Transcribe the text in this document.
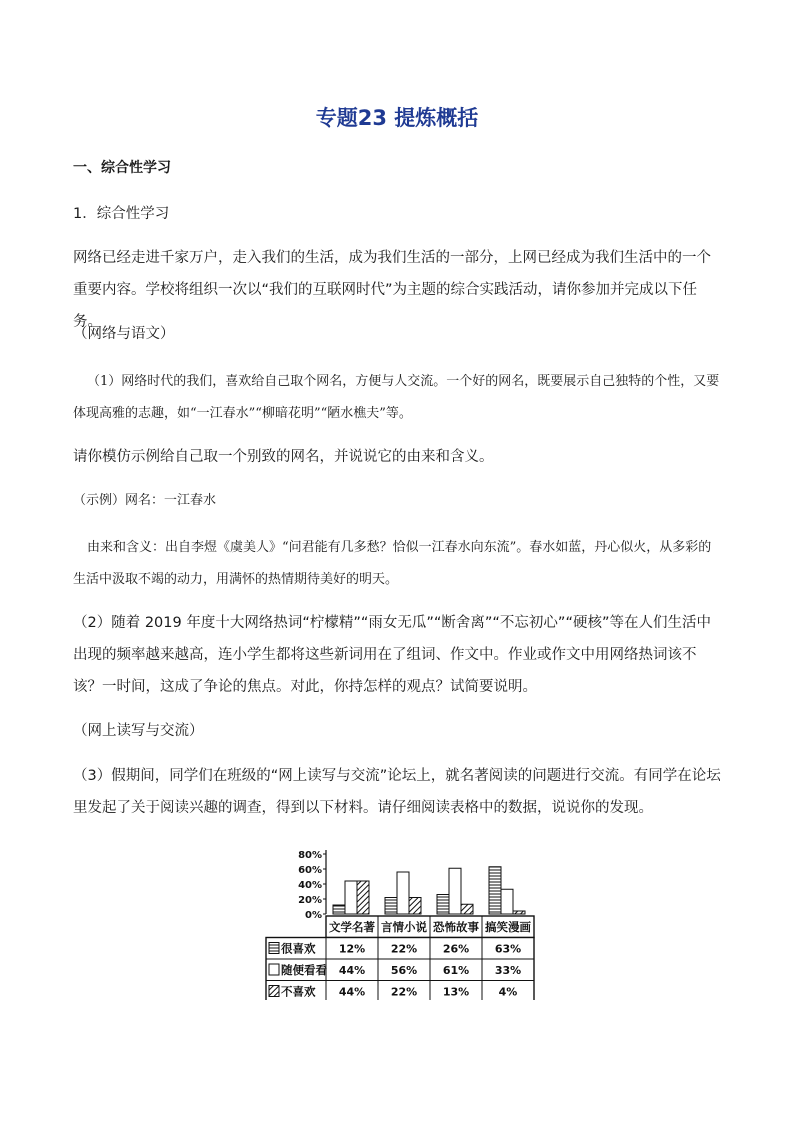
专题23 提炼概括
一、综合性学习
1．综合性学习
网络已经走进千家万户，走入我们的生活，成为我们生活的一部分，上网已经成为我们生活中的一个重要内容。学校将组织一次以“我们的互联网时代”为主题的综合实践活动，请你参加并完成以下任务。
（网络与语文）
（1）网络时代的我们，喜欢给自己取个网名，方便与人交流。一个好的网名，既要展示自己独特的个性，又要体现高雅的志趣，如“一江春水”“柳暗花明”“陋水樵夫”等。
请你模仿示例给自己取一个别致的网名，并说说它的由来和含义。
（示例）网名：一江春水
由来和含义：出自李煜《虞美人》“问君能有几多愁？恰似一江春水向东流”。春水如蓝，丹心似火，从多彩的生活中汲取不竭的动力，用满怀的热情期待美好的明天。
（2）随着 2019 年度十大网络热词“柠檬精”“雨女无瓜”“断舍离”“不忘初心”“硬核”等在人们生活中出现的频率越来越高，连小学生都将这些新词用在了组词、作文中。作业或作文中用网络热词该不该？一时间，这成了争论的焦点。对此，你持怎样的观点？试简要说明。
（网上读写与交流）
（3）假期间，同学们在班级的“网上读写与交流”论坛上，就名著阅读的问题进行交流。有同学在论坛里发起了关于阅读兴趣的调查，得到以下材料。请仔细阅读表格中的数据，说说你的发现。
80%
60%
40%
20%
0%
文学名著 言情小说 恐怖故事 搞笑漫画
很喜欢 12% 22% 26% 63%
随便看看 44% 56% 61% 33%
不喜欢 44% 22% 13%	4%
